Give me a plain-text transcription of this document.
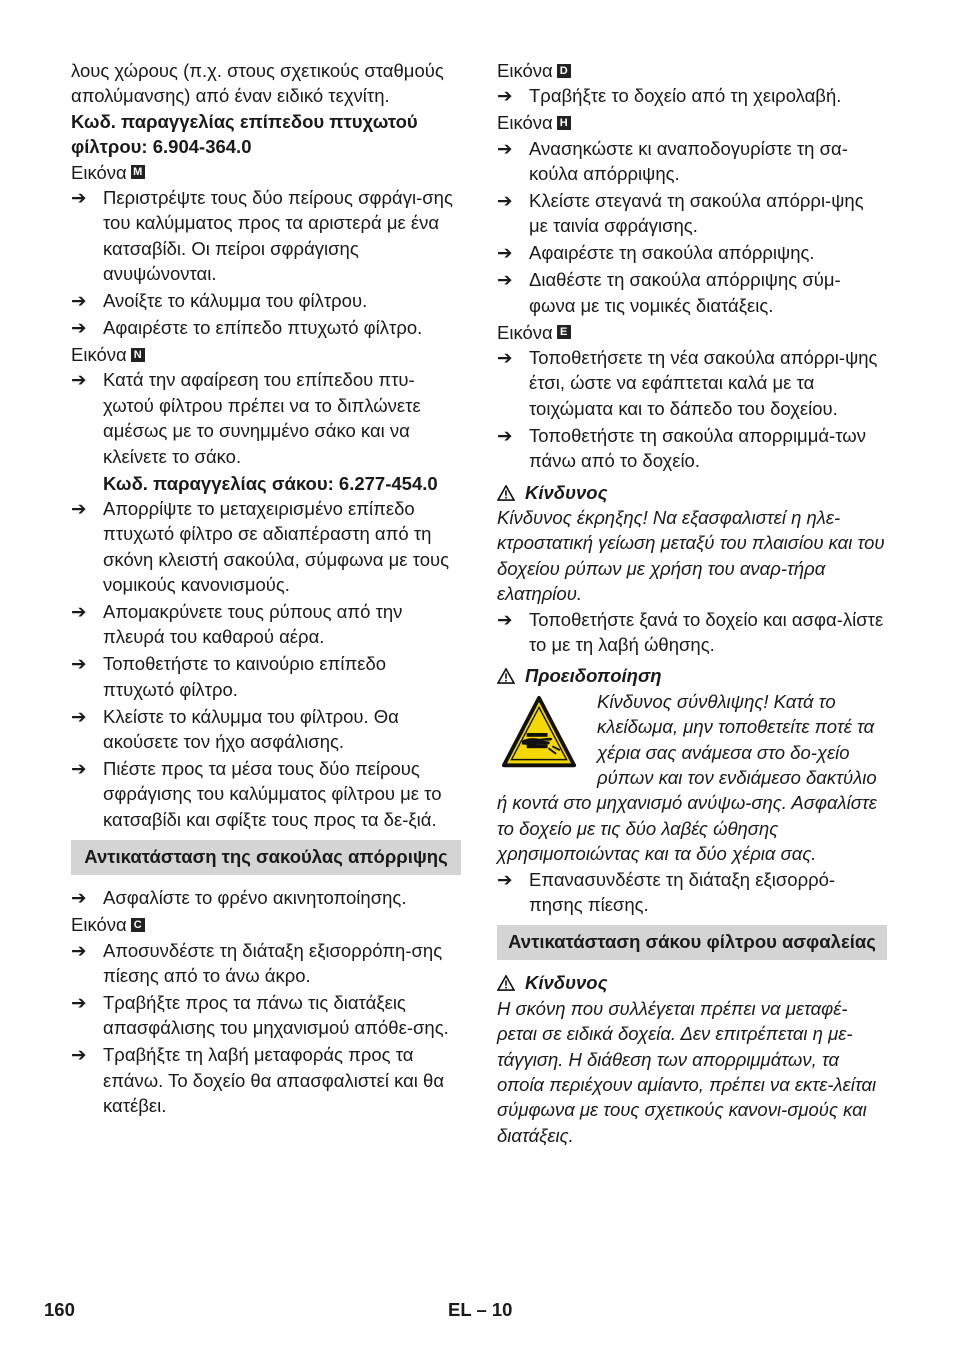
λους χώρους (π.χ. στους σχετικούς σταθμούς απολύμανσης) από έναν ειδικό τεχνίτη.

Κωδ. παραγγελίας επίπεδου πτυχωτού φίλτρου: 6.904-364.0

Εικόνα M

➔ Περιστρέψτε τους δύο πείρους σφράγι-σης του καλύμματος προς τα αριστερά με ένα κατσαβίδι. Οι πείροι σφράγισης ανυψώνονται.
➔ Ανοίξτε το κάλυμμα του φίλτρου.
➔ Αφαιρέστε το επίπεδο πτυχωτό φίλτρο.

Εικόνα N

➔ Κατά την αφαίρεση του επίπεδου πτυ-χωτού φίλτρου πρέπει να το διπλώνετε αμέσως με το συνημμένο σάκο και να κλείνετε το σάκο.

Κωδ. παραγγελίας σάκου: 6.277-454.0

➔ Απορρίψτε το μεταχειρισμένο επίπεδο πτυχωτό φίλτρο σε αδιαπέραστη από τη σκόνη κλειστή σακούλα, σύμφωνα με τους νομικούς κανονισμούς.
➔ Απομακρύνετε τους ρύπους από την πλευρά του καθαρού αέρα.
➔ Τοποθετήστε το καινούριο επίπεδο πτυχωτό φίλτρο.
➔ Κλείστε το κάλυμμα του φίλτρου. Θα ακούσετε τον ήχο ασφάλισης.
➔ Πιέστε προς τα μέσα τους δύο πείρους σφράγισης του καλύμματος φίλτρου με το κατσαβίδι και σφίξτε τους προς τα δε-ξιά.
Αντικατάσταση της σακούλας απόρριψης
➔ Ασφαλίστε το φρένο ακινητοποίησης.

Εικόνα C

➔ Αποσυνδέστε τη διάταξη εξισορρόπη-σης πίεσης από το άνω άκρο.
➔ Τραβήξτε προς τα πάνω τις διατάξεις απασφάλισης του μηχανισμού απόθε-σης.
➔ Τραβήξτε τη λαβή μεταφοράς προς τα επάνω. Το δοχείο θα απασφαλιστεί και θα κατέβει.

Εικόνα D

➔ Τραβήξτε το δοχείο από τη χειρολαβή.

Εικόνα H

➔ Ανασηκώστε κι αναποδογυρίστε τη σα-κούλα απόρριψης.
➔ Κλείστε στεγανά τη σακούλα απόρρι-ψης με ταινία σφράγισης.
➔ Αφαιρέστε τη σακούλα απόρριψης.
➔ Διαθέστε τη σακούλα απόρριψης σύμ-φωνα με τις νομικές διατάξεις.

Εικόνα E

➔ Τοποθετήσετε τη νέα σακούλα απόρρι-ψης έτσι, ώστε να εφάπτεται καλά με τα τοιχώματα και το δάπεδο του δοχείου.
➔ Τοποθετήστε τη σακούλα απορριμμά-των πάνω από το δοχείο.

Κίνδυνος

Κίνδυνος έκρηξης! Να εξασφαλιστεί η ηλε-κτροστατική γείωση μεταξύ του πλαισίου και του δοχείου ρύπων με χρήση του αναρ-τήρα ελατηρίου.

➔ Τοποθετήστε ξανά το δοχείο και ασφα-λίστε το με τη λαβή ώθησης.

Προειδοποίηση

Κίνδυνος σύνθλιψης! Κατά το κλείδωμα, μην τοποθετείτε ποτέ τα χέρια σας ανάμεσα στο δο-χείο ρύπων και τον ενδιάμεσο δακτύλιο ή κοντά στο μηχανισμό ανύψω-σης. Ασφαλίστε το δοχείο με τις δύο λαβές ώθησης χρησιμοποιώντας και τα δύο χέρια σας.

➔ Επανασυνδέστε τη διάταξη εξισορρό-πησης πίεσης.
Αντικατάσταση σάκου φίλτρου ασφαλείας

Κίνδυνος

Η σκόνη που συλλέγεται πρέπει να μεταφέ-ρεται σε ειδικά δοχεία. Δεν επιτρέπεται η με-τάγγιση. Η διάθεση των απορριμμάτων, τα οποία περιέχουν αμίαντο, πρέπει να εκτε-λείται σύμφωνα με τους σχετικούς κανονι-σμούς και διατάξεις.

160	EL – 10
